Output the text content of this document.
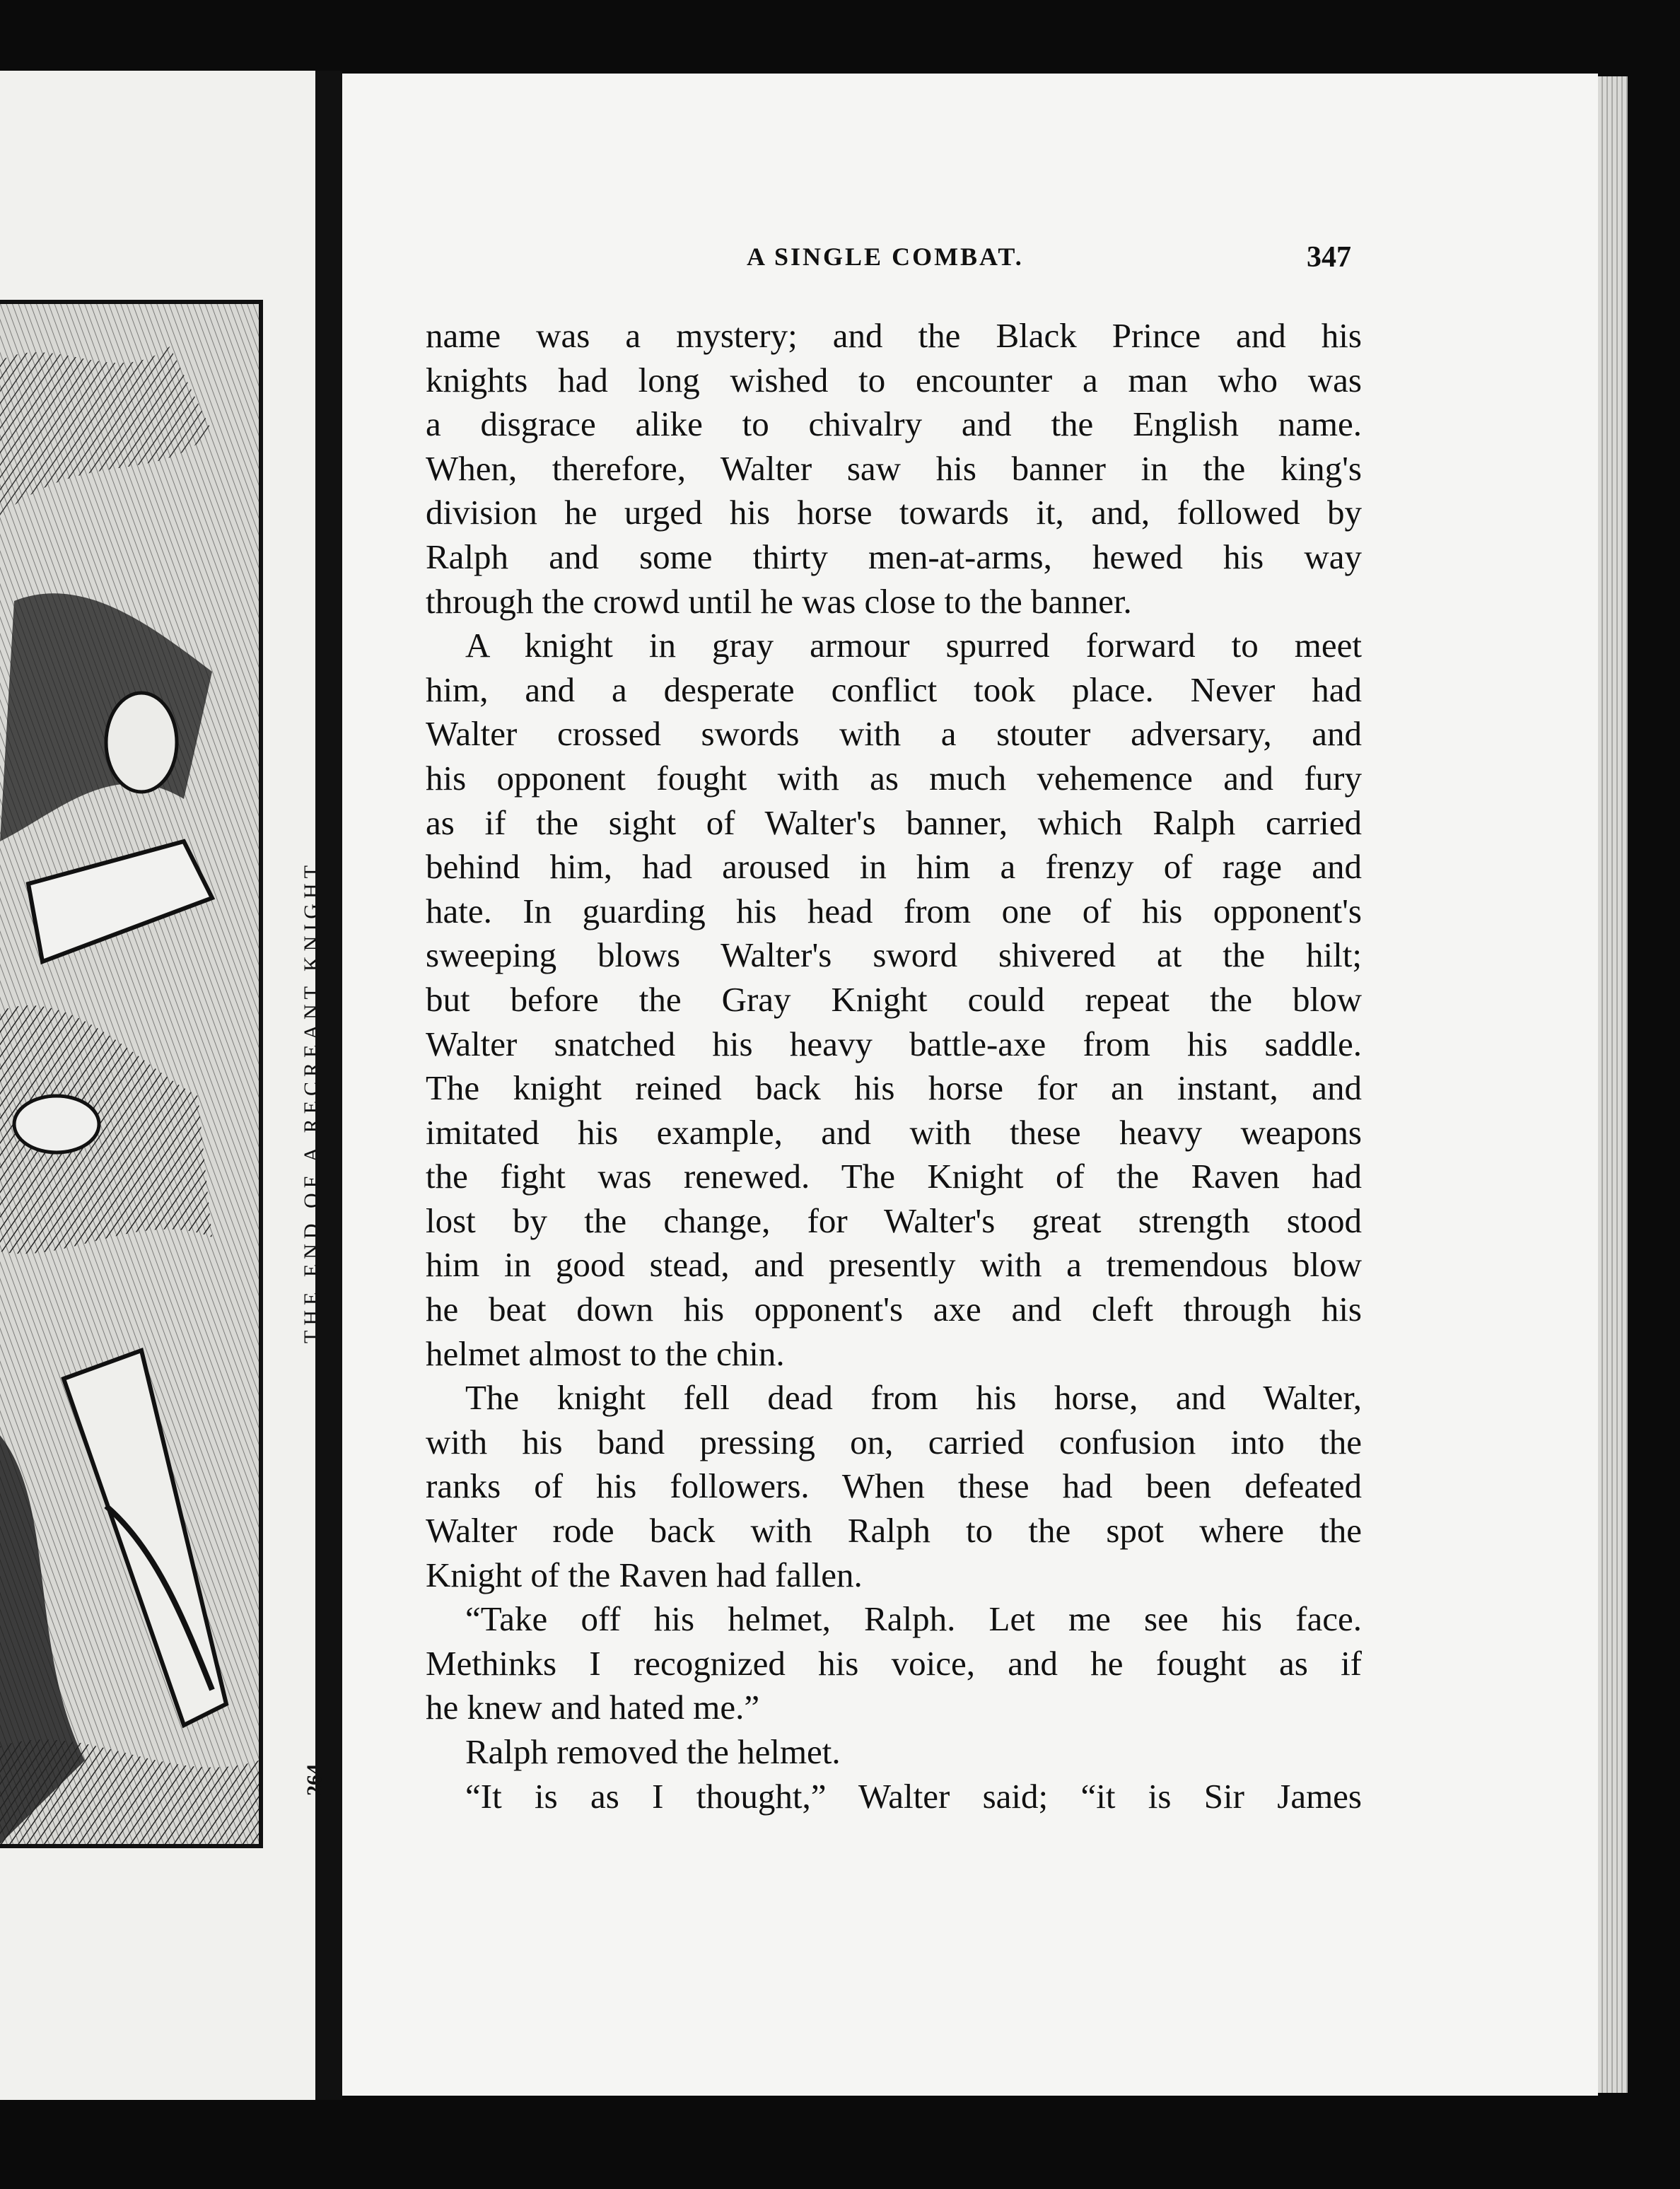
THE END OF A RECREANT KNIGHT.
264
A SINGLE COMBAT.	347
name was a mystery; and the Black Prince and his
knights had long wished to encounter a man who was
a disgrace alike to chivalry and the English name.
When, therefore, Walter saw his banner in the king's
division he urged his horse towards it, and, followed by
Ralph and some thirty men-at-arms, hewed his way
through the crowd until he was close to the banner.
A knight in gray armour spurred forward to meet
him, and a desperate conflict took place. Never had
Walter crossed swords with a stouter adversary, and
his opponent fought with as much vehemence and fury
as if the sight of Walter's banner, which Ralph carried
behind him, had aroused in him a frenzy of rage and
hate. In guarding his head from one of his opponent's
sweeping blows Walter's sword shivered at the hilt;
but before the Gray Knight could repeat the blow
Walter snatched his heavy battle-axe from his saddle.
The knight reined back his horse for an instant, and
imitated his example, and with these heavy weapons
the fight was renewed. The Knight of the Raven had
lost by the change, for Walter's great strength stood
him in good stead, and presently with a tremendous blow
he beat down his opponent's axe and cleft through his
helmet almost to the chin.
The knight fell dead from his horse, and Walter,
with his band pressing on, carried confusion into the
ranks of his followers. When these had been defeated
Walter rode back with Ralph to the spot where the
Knight of the Raven had fallen.
“Take off his helmet, Ralph. Let me see his face.
Methinks I recognized his voice, and he fought as if
he knew and hated me.”
Ralph removed the helmet.
“It is as I thought,” Walter said; “it is Sir James
